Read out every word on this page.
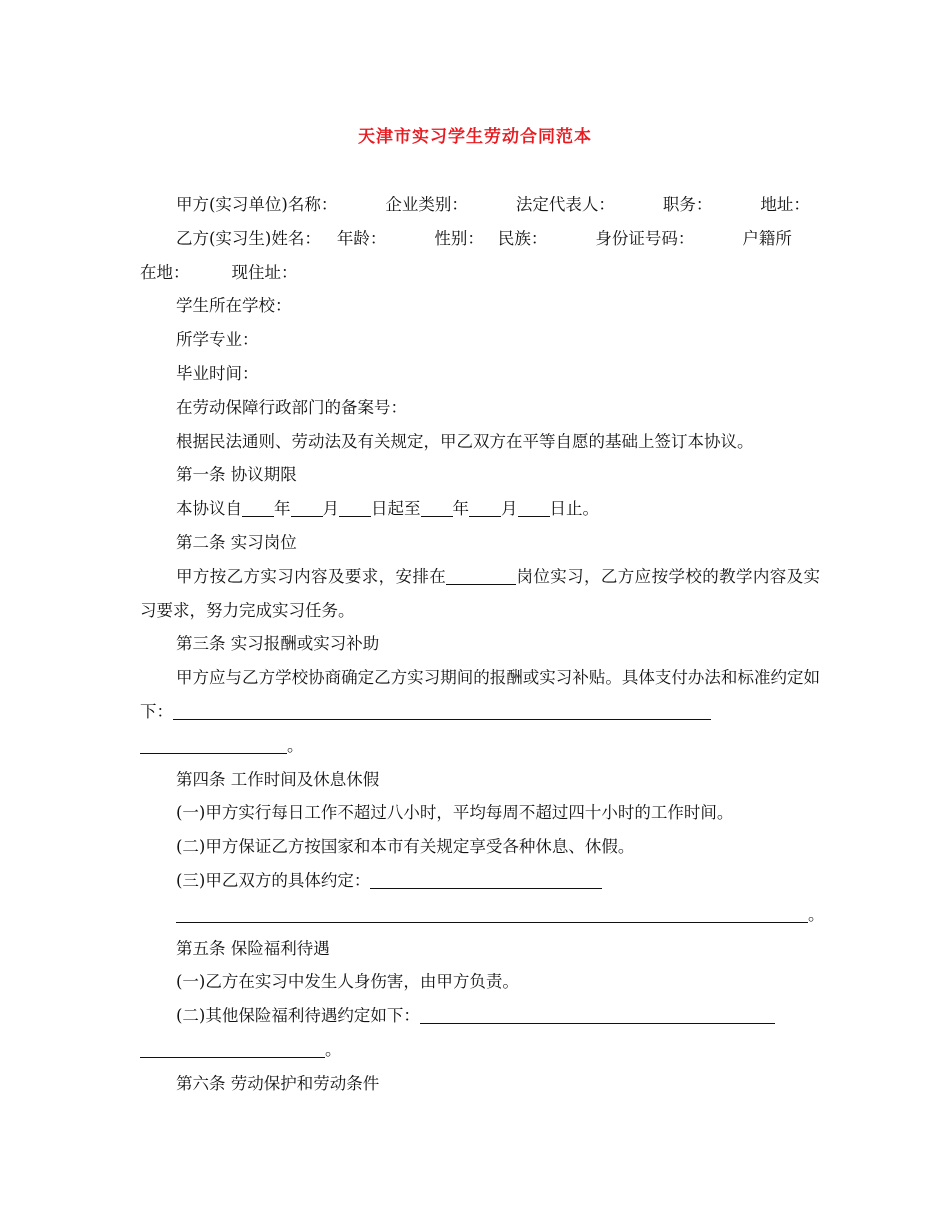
天津市实习学生劳动合同范本
甲方(实习单位)名称：	企业类别：	法定代表人：	职务：	地址：
乙方(实习生)姓名： 年龄：	性别： 民族：	身份证号码：	户籍所
在地：	现住址：
学生所在学校：
所学专业：
毕业时间：
在劳动保障行政部门的备案号：
根据民法通则、劳动法及有关规定，甲乙双方在平等自愿的基础上签订本协议。
第一条 协议期限
本协议自 年 月 日起至 年 月 日止。
第二条 实习岗位
甲方按乙方实习内容及要求，安排在	岗位实习，乙方应按学校的教学内容及实习要求，努力完成实习任务。
第三条 实习报酬或实习补助
甲方应与乙方学校协商确定乙方实习期间的报酬或实习补贴。具体支付办法和标准约定如下：
。
第四条 工作时间及休息休假
(一)甲方实行每日工作不超过八小时，平均每周不超过四十小时的工作时间。
(二)甲方保证乙方按国家和本市有关规定享受各种休息、休假。
(三)甲乙双方的具体约定：
。
第五条 保险福利待遇
(一)乙方在实习中发生人身伤害，由甲方负责。
(二)其他保险福利待遇约定如下：
。
第六条 劳动保护和劳动条件
